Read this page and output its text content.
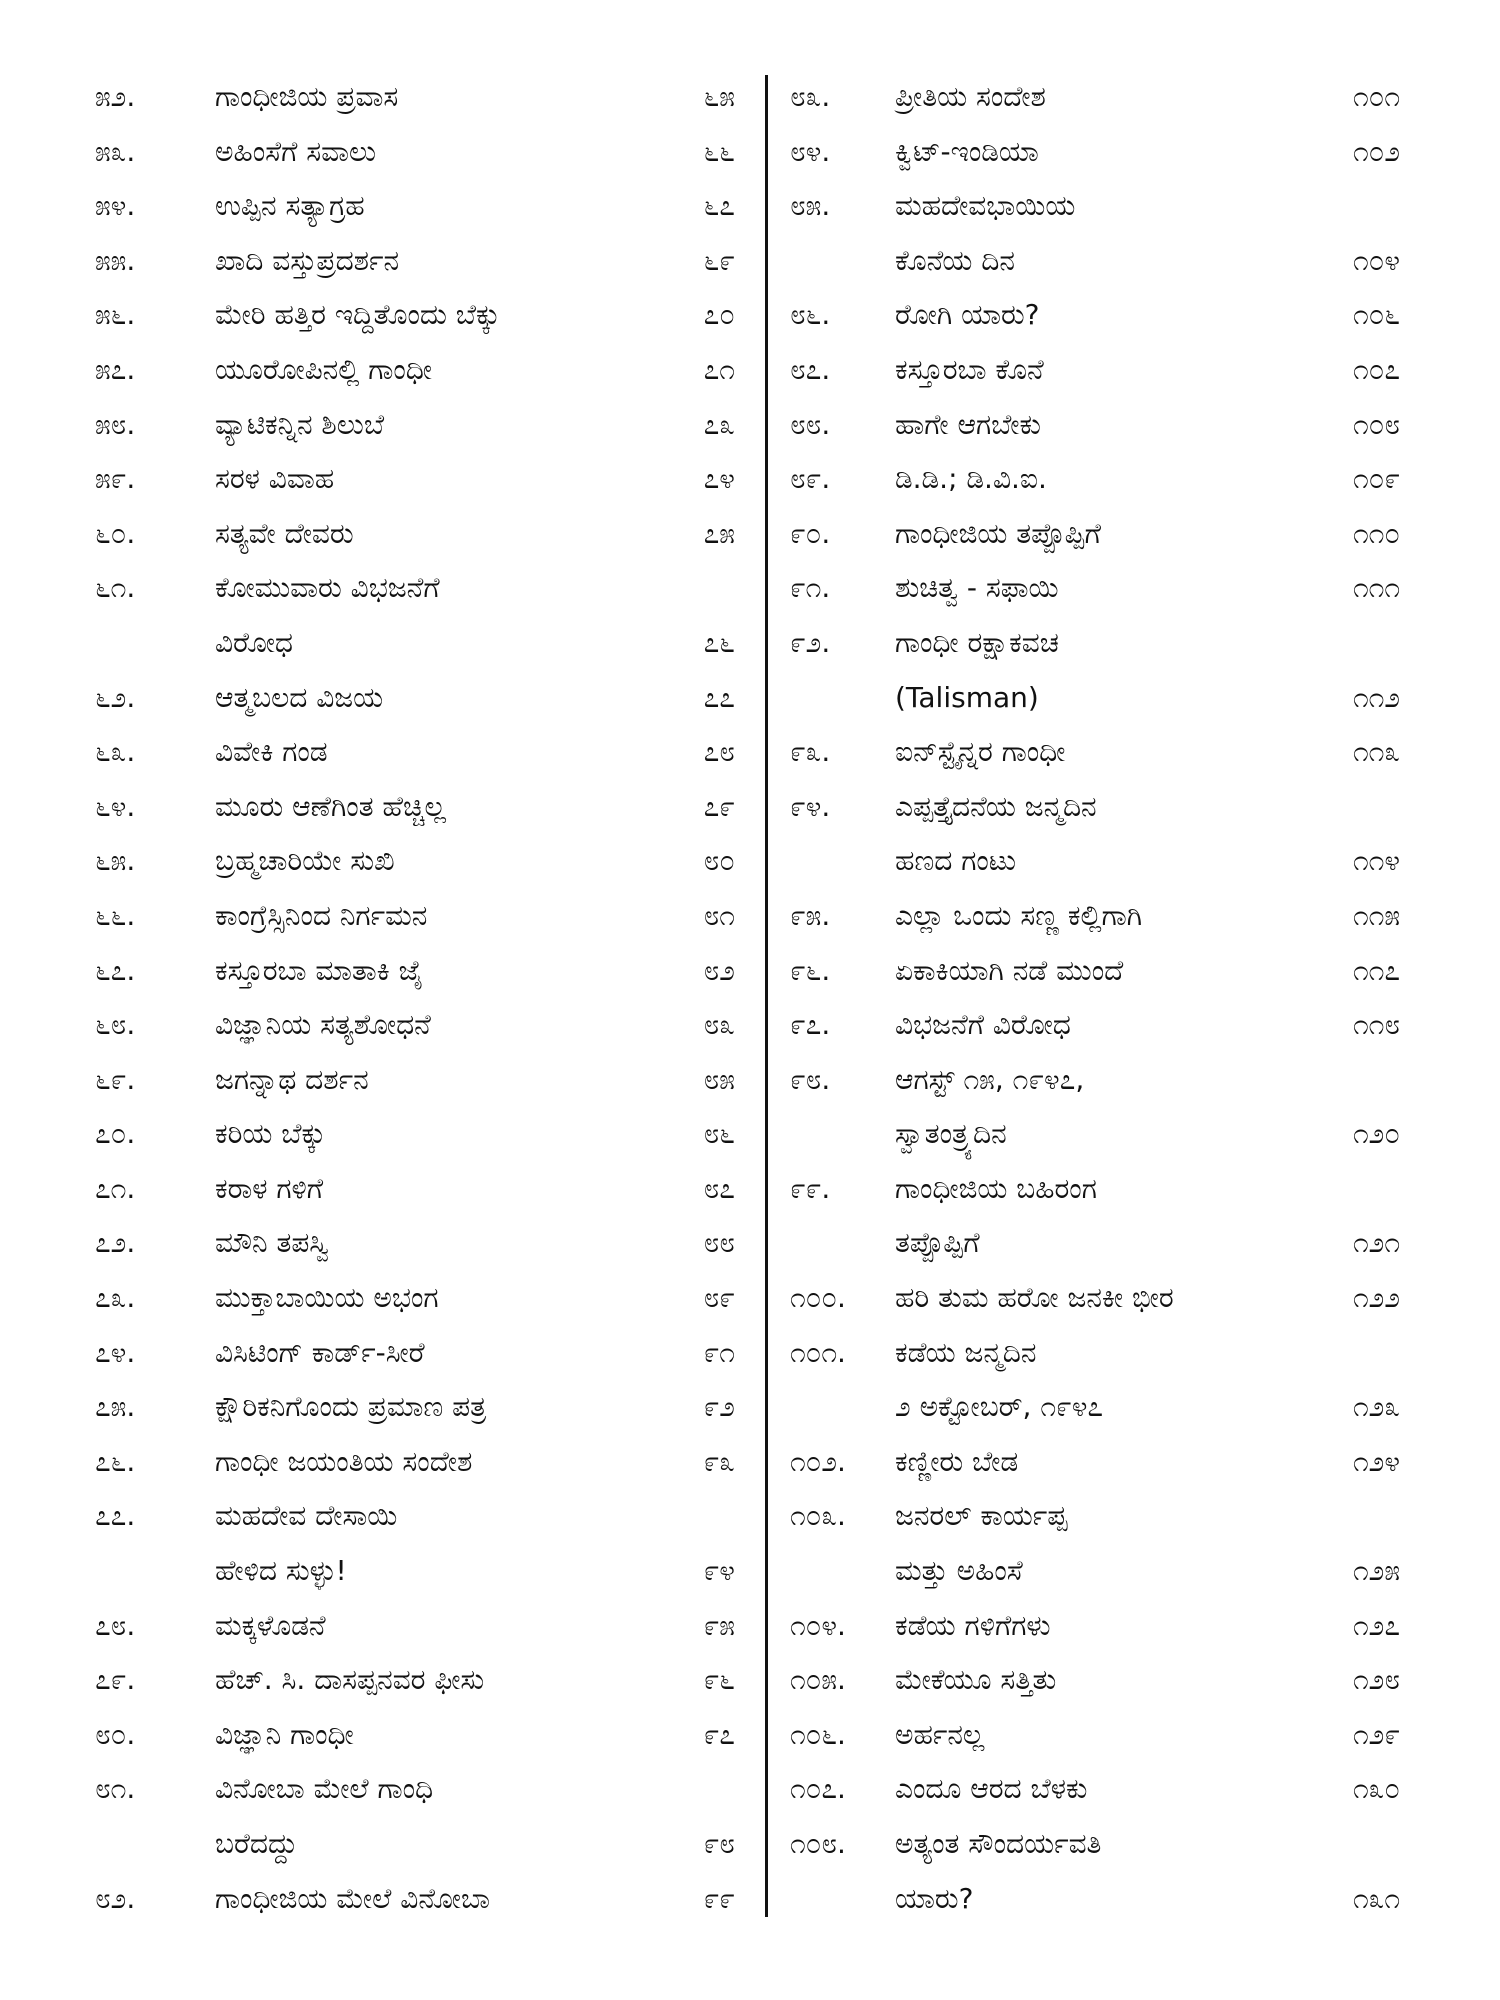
೫೨.	ಗಾಂಧೀಜಿಯ ಪ್ರವಾಸ	೬೫
೫೩.	ಅಹಿಂಸೆಗೆ ಸವಾಲು	೬೬
೫೪.	ಉಪ್ಪಿನ ಸತ್ಯಾಗ್ರಹ	೬೭
೫೫.	ಖಾದಿ ವಸ್ತುಪ್ರದರ್ಶನ	೬೯
೫೬.	ಮೇರಿ ಹತ್ತಿರ ಇದ್ದಿತೊಂದು ಬೆಕ್ಕು	೭೦
೫೭.	ಯೂರೋಪಿನಲ್ಲಿ ಗಾಂಧೀ	೭೧
೫೮.	ವ್ಯಾಟಿಕನ್ನಿನ ಶಿಲುಬೆ	೭೩
೫೯.	ಸರಳ ವಿವಾಹ	೭೪
೬೦.	ಸತ್ಯವೇ ದೇವರು	೭೫
೬೧.	ಕೋಮುವಾರು ವಿಭಜನೆಗೆ
ವಿರೋಧ	೭೬
೬೨.	ಆತ್ಮಬಲದ ವಿಜಯ	೭೭
೬೩.	ವಿವೇಕಿ ಗಂಡ	೭೮
೬೪.	ಮೂರು ಆಣೆಗಿಂತ ಹೆಚ್ಚಿಲ್ಲ	೭೯
೬೫.	ಬ್ರಹ್ಮಚಾರಿಯೇ ಸುಖಿ	೮೦
೬೬.	ಕಾಂಗ್ರೆಸ್ಸಿನಿಂದ ನಿರ್ಗಮನ	೮೧
೬೭.	ಕಸ್ತೂರಬಾ ಮಾತಾಕಿ ಜೈ	೮೨
೬೮.	ವಿಜ್ಞಾನಿಯ ಸತ್ಯಶೋಧನೆ	೮೩
೬೯.	ಜಗನ್ನಾಥ ದರ್ಶನ	೮೫
೭೦.	ಕರಿಯ ಬೆಕ್ಕು	೮೬
೭೧.	ಕರಾಳ ಗಳಿಗೆ	೮೭
೭೨.	ಮೌನಿ ತಪಸ್ವಿ	೮೮
೭೩.	ಮುಕ್ತಾಬಾಯಿಯ ಅಭಂಗ	೮೯
೭೪.	ವಿಸಿಟಿಂಗ್ ಕಾರ್ಡ್-ಸೀರೆ	೯೧
೭೫.	ಕ್ಷೌರಿಕನಿಗೊಂದು ಪ್ರಮಾಣ ಪತ್ರ	೯೨
೭೬.	ಗಾಂಧೀ ಜಯಂತಿಯ ಸಂದೇಶ	೯೩
೭೭.	ಮಹದೇವ ದೇಸಾಯಿ
ಹೇಳಿದ ಸುಳ್ಳು!	೯೪
೭೮.	ಮಕ್ಕಳೊಡನೆ	೯೫
೭೯.	ಹೆಚ್. ಸಿ. ದಾಸಪ್ಪನವರ ಫೀಸು	೯೬
೮೦.	ವಿಜ್ಞಾನಿ ಗಾಂಧೀ	೯೭
೮೧.	ವಿನೋಬಾ ಮೇಲೆ ಗಾಂಧಿ
ಬರೆದದ್ದು	೯೮
೮೨.	ಗಾಂಧೀಜಿಯ ಮೇಲೆ ವಿನೋಬಾ	೯೯
೮೩. ಪ್ರೀತಿಯ ಸಂದೇಶ	೧೦೧
೮೪. ಕ್ವಿಟ್-ಇಂಡಿಯಾ	೧೦೨
೮೫. ಮಹದೇವಭಾಯಿಯ
ಕೊನೆಯ ದಿನ	೧೦೪
೮೬. ರೋಗಿ ಯಾರು?	೧೦೬
೮೭. ಕಸ್ತೂರಬಾ ಕೊನೆ	೧೦೭
೮೮. ಹಾಗೇ ಆಗಬೇಕು	೧೦೮
೮೯. ಡಿ.ಡಿ.; ಡಿ.ವಿ.ಐ.	೧೦೯
೯೦. ಗಾಂಧೀಜಿಯ ತಪ್ಪೊಪ್ಪಿಗೆ	೧೧೦
೯೧. ಶುಚಿತ್ವ - ಸಫಾಯಿ	೧೧೧
೯೨. ಗಾಂಧೀ ರಕ್ಷಾಕವಚ
(Talisman)	೧೧೨
೯೩. ಐನ್‌ಸ್ಟೈನ್ನರ ಗಾಂಧೀ	೧೧೩
೯೪. ಎಪ್ಪತ್ತೈದನೆಯ ಜನ್ಮದಿನ
ಹಣದ ಗಂಟು	೧೧೪
೯೫. ಎಲ್ಲಾ ಒಂದು ಸಣ್ಣ ಕಲ್ಲಿಗಾಗಿ	೧೧೫
೯೬. ಏಕಾಕಿಯಾಗಿ ನಡೆ ಮುಂದೆ	೧೧೭
೯೭. ವಿಭಜನೆಗೆ ವಿರೋಧ	೧೧೮
೯೮. ಆಗಸ್ಟ್ ೧೫, ೧೯೪೭,
ಸ್ವಾತಂತ್ರ್ಯದಿನ	೧೨೦
೯೯. ಗಾಂಧೀಜಿಯ ಬಹಿರಂಗ
ತಪ್ಪೊಪ್ಪಿಗೆ	೧೨೧
೧೦೦. ಹರಿ ತುಮ ಹರೋ ಜನಕೀ ಭೀರ	೧೨೨
೧೦೧. ಕಡೆಯ ಜನ್ಮದಿನ
೨ ಅಕ್ಟೋಬರ್, ೧೯೪೭	೧೨೩
೧೦೨. ಕಣ್ಣೀರು ಬೇಡ	೧೨೪
೧೦೩. ಜನರಲ್ ಕಾರ್ಯಪ್ಪ
ಮತ್ತು ಅಹಿಂಸೆ	೧೨೫
೧೦೪. ಕಡೆಯ ಗಳಿಗೆಗಳು	೧೨೭
೧೦೫. ಮೇಕೆಯೂ ಸತ್ತಿತು	೧೨೮
೧೦೬. ಅರ್ಹನಲ್ಲ	೧೨೯
೧೦೭. ಎಂದೂ ಆರದ ಬೆಳಕು	೧೩೦
೧೦೮. ಅತ್ಯಂತ ಸೌಂದರ್ಯವತಿ
ಯಾರು?	೧೩೧
